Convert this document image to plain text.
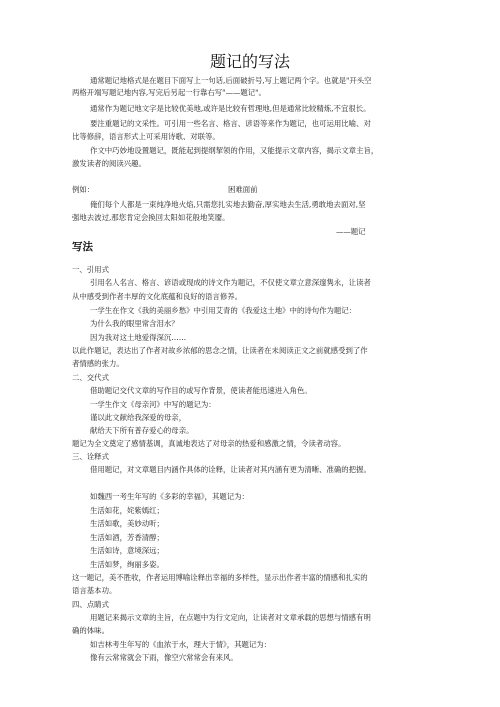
题记的写法
通常题记地格式是在题目下面写上一句话,后面破折号,写上题记两个字。也就是"开头空
两格开端写题记地内容,写完后另起一行靠右写"——题记"。
通常作为题记地文字是比较优美地,或许是比较有哲理地,但是通常比较精炼,不宜很长。
要注重题记的文采性。可引用一些名言、格言、谚语等来作为题记，也可运用比喻、对
比等修辞，语言形式上可采用诗歌、对联等。
作文中巧妙地设置题记，既能起到提纲挈领的作用，又能提示文章内容，揭示文章主旨，
激发读者的阅读兴趣。
例如：	困难面前
俺们每个人都是一束纯净地火焰,只需您扎实地去勤奋,厚实地去生活,勇敢地去面对,坚
强地去波过,那您肯定会换回太阳如花般地笑靥。
——题记
写法
一、引用式
引用名人名言、格言、谚语或现成的诗文作为题记，不仅使文章立意深邃隽永，让读者
从中感受到作者丰厚的文化底蕴和良好的语言修养。
一学生在作文《我的美丽乡愁》中引用艾青的《我爱这土地》中的诗句作为题记：
为什么我的眼里常含泪水？
因为我对这土地爱得深沉……
以此作题记，表达出了作者对故乡浓郁的思念之情，让读者在未阅读正文之前就感受到了作
者情感的张力。
二、交代式
借助题记交代文章的写作目的或写作背景，使读者能迅速进入角色。
一学生作文《母亲河》中写的题记为：
谨以此文献给我深爱的母亲，
献给天下所有普存爱心的母亲。
题记为全文奠定了感情基调，真诚地表达了对母亲的热爱和感激之情，令读者动容。
三、诠释式
借用题记，对文章题目内涵作具体的诠释，让读者对其内涵有更为清晰、准确的把握。
如魏西一考生年写的《多彩的幸福》，其题记为：
生活如花，姹紫嫣红；
生活如歌，美妙动听；
生活如酒，芳香清醇；
生活如诗，意境深远；
生活如梦，绚丽多姿。
这一题记，美不胜收，作者运用博喻诠释出幸福的多样性，显示出作者丰富的情感和扎实的
语言基本功。
四、点睛式
用题记来揭示文章的主旨，在点题中为行文定向，让读者对文章承载的思想与情感有明
确的体味。
如吉林考生年写的《血浓于水，理大于情》，其题记为：
像有云常常就会下雨，像空穴常常会有来风。
